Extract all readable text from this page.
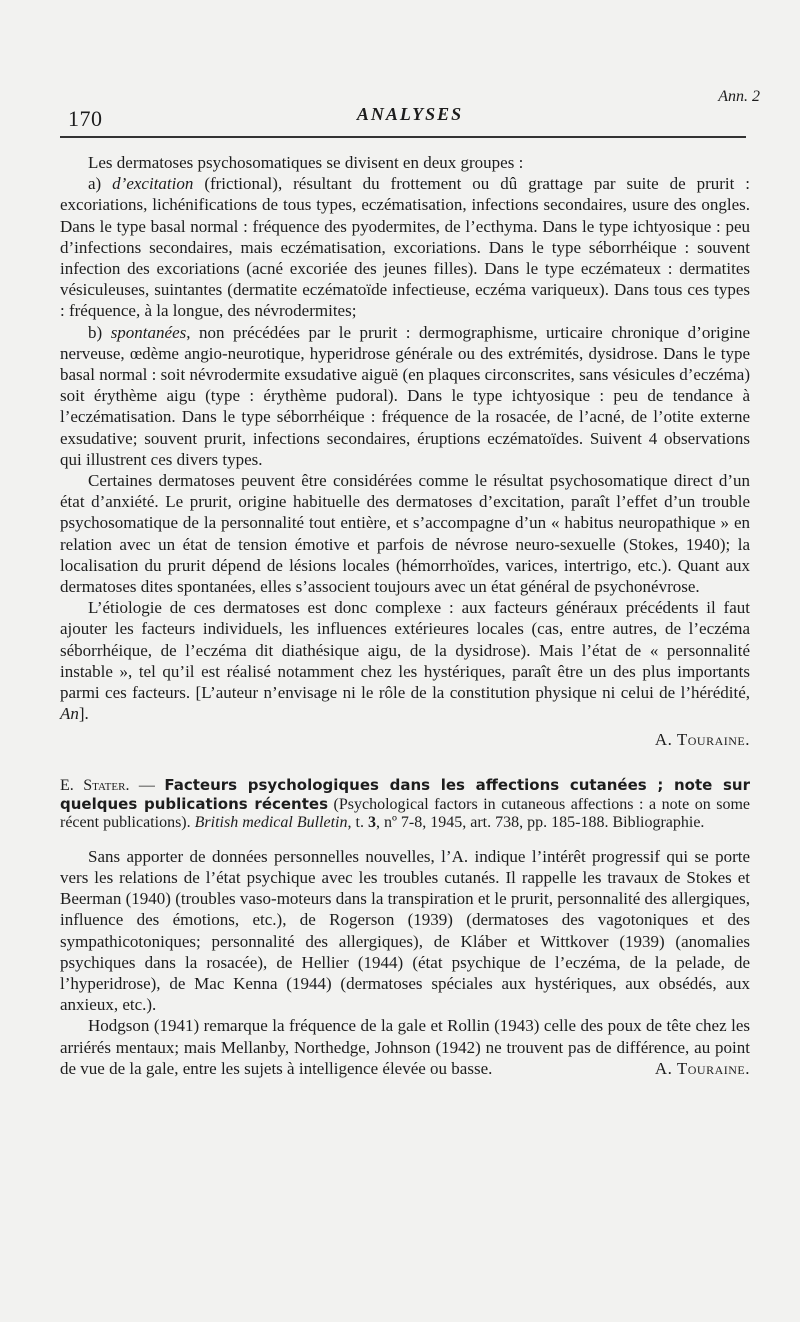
170	ANALYSES
Ann. 2

Les dermatoses psychosomatiques se divisent en deux groupes :

a) d’excitation (frictional), résultant du frottement ou dû grattage par suite de prurit : excoriations, lichénifications de tous types, eczématisation, infections secondaires, usure des ongles. Dans le type basal normal : fréquence des pyodermites, de l’ecthyma. Dans le type ichtyosique : peu d’infections secondaires, mais eczématisation, excoriations. Dans le type séborrhéique : souvent infection des excoriations (acné excoriée des jeunes filles). Dans le type eczémateux : dermatites vésiculeuses, suintantes (dermatite eczématoïde infectieuse, eczéma variqueux). Dans tous ces types : fréquence, à la longue, des névrodermites;

b) spontanées, non précédées par le prurit : dermographisme, urticaire chronique d’origine nerveuse, œdème angio-neurotique, hyperidrose générale ou des extrémités, dysidrose. Dans le type basal normal : soit névrodermite exsudative aiguë (en plaques circonscrites, sans vésicules d’eczéma) soit érythème aigu (type : érythème pudoral). Dans le type ichtyosique : peu de tendance à l’eczématisation. Dans le type séborrhéique : fréquence de la rosacée, de l’acné, de l’otite externe exsudative; souvent prurit, infections secondaires, éruptions eczématoïdes. Suivent 4 observations qui illustrent ces divers types.

Certaines dermatoses peuvent être considérées comme le résultat psychosomatique direct d’un état d’anxiété. Le prurit, origine habituelle des dermatoses d’excitation, paraît l’effet d’un trouble psychosomatique de la personnalité tout entière, et s’accompagne d’un « habitus neuropathique » en relation avec un état de tension émotive et parfois de névrose neuro-sexuelle (Stokes, 1940); la localisation du prurit dépend de lésions locales (hémorrhoïdes, varices, intertrigo, etc.). Quant aux dermatoses dites spontanées, elles s’associent toujours avec un état général de psychonévrose.

L’étiologie de ces dermatoses est donc complexe : aux facteurs généraux précédents il faut ajouter les facteurs individuels, les influences extérieures locales (cas, entre autres, de l’eczéma séborrhéique, de l’eczéma dit diathésique aigu, de la dysidrose). Mais l’état de « personnalité instable », tel qu’il est réalisé notamment chez les hystériques, paraît être un des plus importants parmi ces facteurs. [L’auteur n’envisage ni le rôle de la constitution physique ni celui de l’hérédité, An].

A. Touraine.

E. Stater. — Facteurs psychologiques dans les affections cutanées ; note sur quelques publications récentes (Psychological factors in cutaneous affections : a note on some récent publications). British medical Bulletin, t. 3, nº 7-8, 1945, art. 738, pp. 185-188. Bibliographie.

Sans apporter de données personnelles nouvelles, l’A. indique l’intérêt progressif qui se porte vers les relations de l’état psychique avec les troubles cutanés. Il rappelle les travaux de Stokes et Beerman (1940) (troubles vaso-moteurs dans la transpiration et le prurit, personnalité des allergiques, influence des émotions, etc.), de Rogerson (1939) (dermatoses des vagotoniques et des sympathicotoniques; personnalité des allergiques), de Kláber et Wittkover (1939) (anomalies psychiques dans la rosacée), de Hellier (1944) (état psychique de l’eczéma, de la pelade, de l’hyperidrose), de Mac Kenna (1944) (dermatoses spéciales aux hystériques, aux obsédés, aux anxieux, etc.).

Hodgson (1941) remarque la fréquence de la gale et Rollin (1943) celle des poux de tête chez les arriérés mentaux; mais Mellanby, Northedge, Johnson (1942) ne trouvent pas de différence, au point de vue de la gale, entre les sujets à intelligence élevée ou basse.	A. Touraine.
